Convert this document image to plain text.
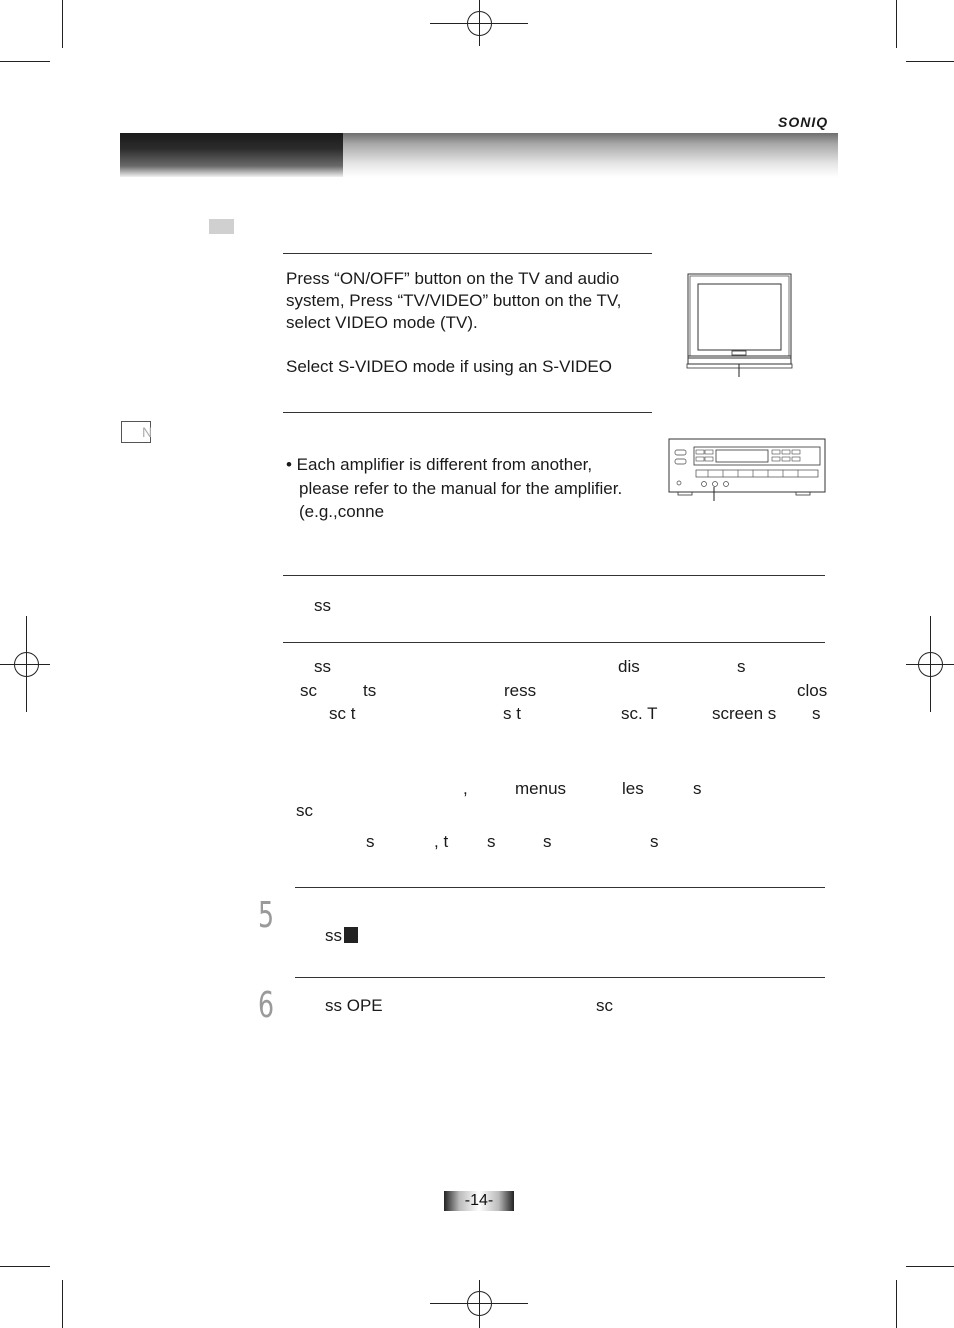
SONIQ
Press “ON/OFF” button on the TV and audio
system, Press “TV/VIDEO” button on the TV,
select VIDEO mode (TV).
Select S-VIDEO mode if using an S-VIDEO
N
• Each amplifier is different from another,
please refer to the manual for the amplifier.
(e.g.,conne
ss
ss	dis	s
sc	ts	ress	clos
sc t	s t	sc. T	screen s s
,	menus	les	s
sc
s	, t s	s	s
5	ss
6	ss OPE	sc
-14-
